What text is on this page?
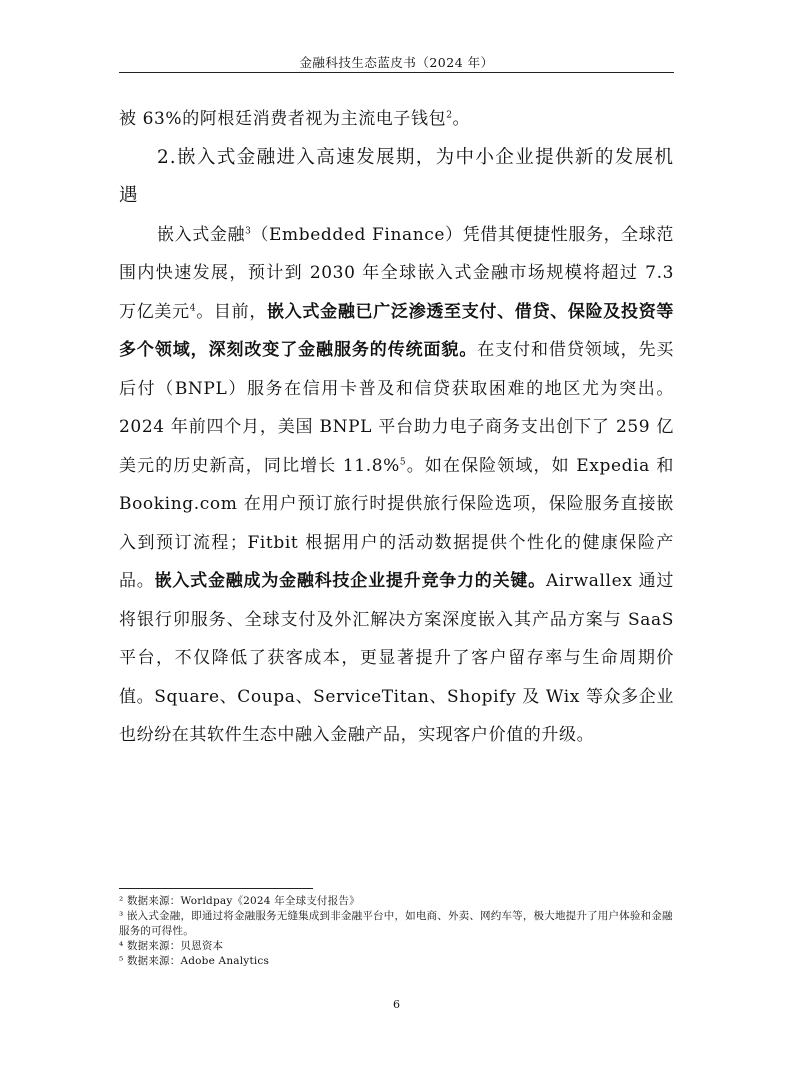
金融科技生态蓝皮书（2024 年）

被 63%的阿根廷消费者视为主流电子钱包$^2$。

2.嵌入式金融进入高速发展期，为中小企业提供新的发展机遇

嵌入式金融$^3$（Embedded Finance）凭借其便捷性服务，全球范围内快速发展，预计到 2030 年全球嵌入式金融市场规模将超过 7.3 万亿美元$^4$。目前，嵌入式金融已广泛渗透至支付、借贷、保险及投资等多个领域，深刻改变了金融服务的传统面貌。在支付和借贷领域，先买后付（BNPL）服务在信用卡普及和信贷获取困难的地区尤为突出。2024 年前四个月，美国 BNPL 平台助力电子商务支出创下了 259 亿美元的历史新高，同比增长 11.8%$^5$。如在保险领域，如 Expedia 和 Booking.com 在用户预订旅行时提供旅行保险选项，保险服务直接嵌入到预订流程；Fitbit 根据用户的活动数据提供个性化的健康保险产品。嵌入式金融成为金融科技企业提升竞争力的关键。Airwallex 通过将银行卯服务、全球支付及外汇解决方案深度嵌入其产品方案与 SaaS 平台，不仅降低了获客成本，更显著提升了客户留存率与生命周期价值。Square、Coupa、ServiceTitan、Shopify 及 Wix 等众多企业也纷纷在其软件生态中融入金融产品，实现客户价值的升级。

² 数据来源：Worldpay《2024 年全球支付报告》
³ 嵌入式金融，即通过将金融服务无缝集成到非金融平台中，如电商、外卖、网约车等，极大地提升了用户体验和金融服务的可得性。
⁴ 数据来源：贝恩资本
⁵ 数据来源：Adobe Analytics
6
